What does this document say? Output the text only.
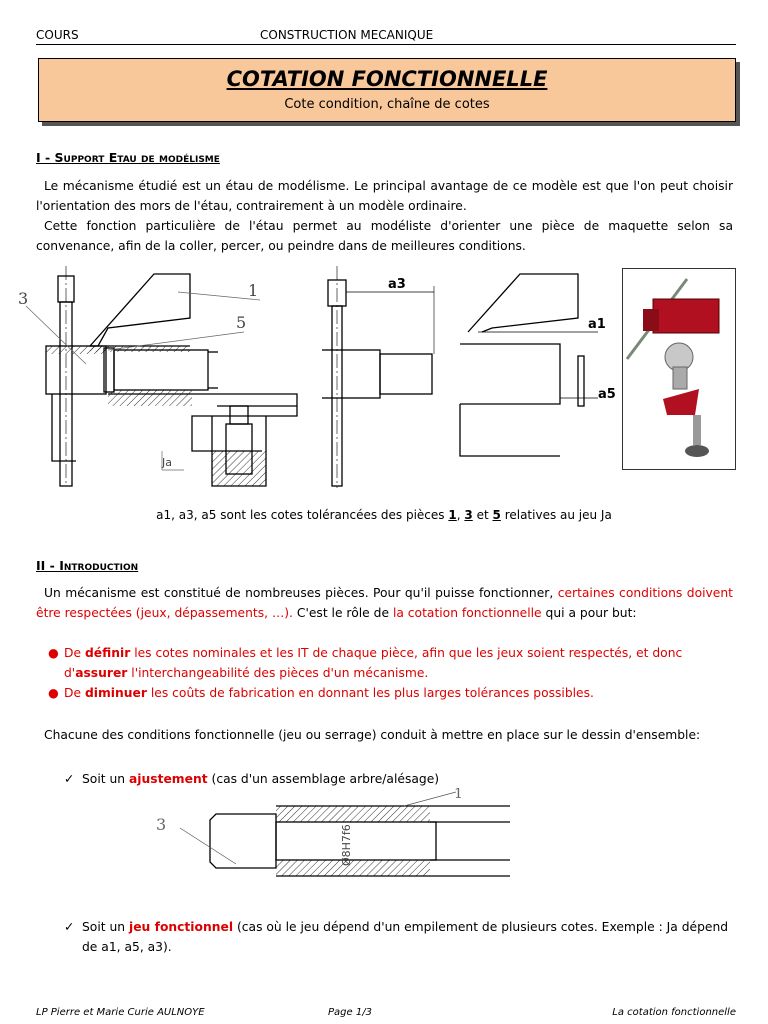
COURS	CONSTRUCTION MECANIQUE
COTATION FONCTIONNELLE
Cote condition, chaîne de cotes
I - Support Etau de modélisme
Le mécanisme étudié est un étau de modélisme. Le principal avantage de ce modèle est que l'on peut choisir l'orientation des mors de l'étau, contrairement à un modèle ordinaire.
Cette fonction particulière de l'étau permet au modéliste d'orienter une pièce de maquette selon sa convenance, afin de la coller, percer, ou peindre dans de meilleures conditions.
3	1
5
Ja
a3
a1
a5
a1, a3, a5 sont les cotes tolérancées des pièces 1, 3 et 5 relatives au jeu Ja
II - Introduction
Un mécanisme est constitué de nombreuses pièces. Pour qu'il puisse fonctionner, certaines conditions doivent être respectées (jeux, dépassements, …). C'est le rôle de la cotation fonctionnelle qui a pour but:
● De définir les cotes nominales et les IT de chaque pièce, afin que les jeux soient respectés, et donc d'assurer l'interchangeabilité des pièces d'un mécanisme.
● De diminuer les coûts de fabrication en donnant les plus larges tolérances possibles.
Chacune des conditions fonctionnelle (jeu ou serrage) conduit à mettre en place sur le dessin d'ensemble:
✓ Soit un ajustement (cas d'un assemblage arbre/alésage)
3
1
Ø8H7f6
✓ Soit un jeu fonctionnel (cas où le jeu dépend d'un empilement de plusieurs cotes. Exemple : Ja dépend de a1, a5, a3).
LP Pierre et Marie Curie AULNOYE	Page 1/3	La cotation fonctionnelle
